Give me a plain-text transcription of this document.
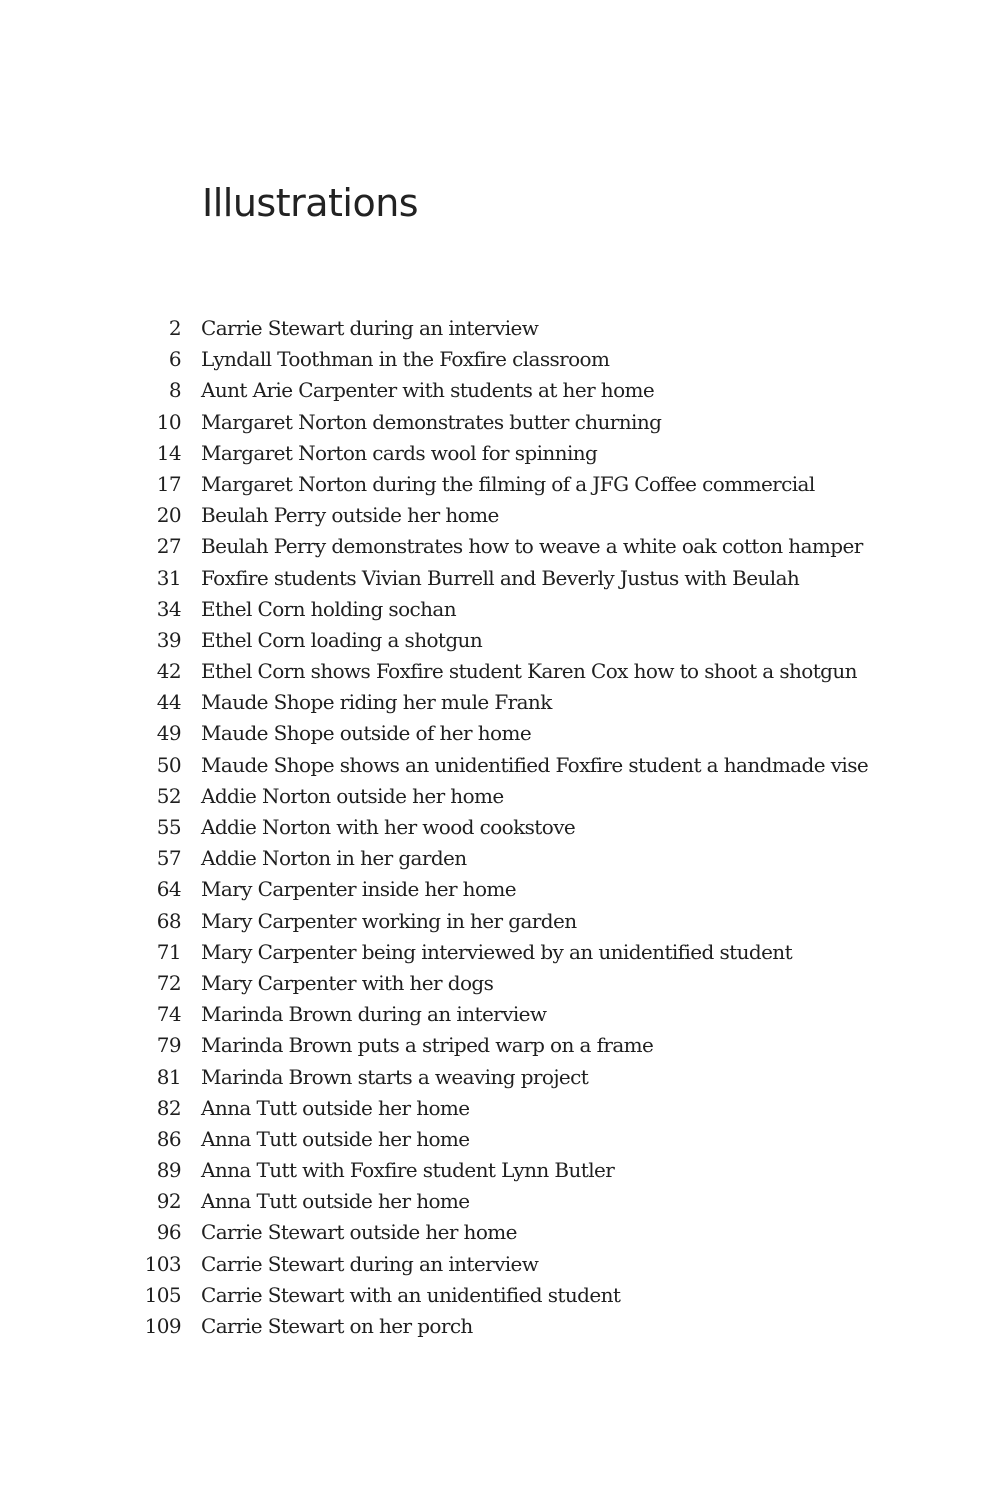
Illustrations
2	Carrie Stewart during an interview
6	Lyndall Toothman in the Foxfire classroom
8	Aunt Arie Carpenter with students at her home
10	Margaret Norton demonstrates butter churning
14	Margaret Norton cards wool for spinning
17	Margaret Norton during the filming of a JFG Coffee commercial
20	Beulah Perry outside her home
27	Beulah Perry demonstrates how to weave a white oak cotton hamper
31	Foxfire students Vivian Burrell and Beverly Justus with Beulah
34	Ethel Corn holding sochan
39	Ethel Corn loading a shotgun
42	Ethel Corn shows Foxfire student Karen Cox how to shoot a shotgun
44	Maude Shope riding her mule Frank
49	Maude Shope outside of her home
50	Maude Shope shows an unidentified Foxfire student a handmade vise
52	Addie Norton outside her home
55	Addie Norton with her wood cookstove
57	Addie Norton in her garden
64	Mary Carpenter inside her home
68	Mary Carpenter working in her garden
71	Mary Carpenter being interviewed by an unidentified student
72	Mary Carpenter with her dogs
74	Marinda Brown during an interview
79	Marinda Brown puts a striped warp on a frame
81	Marinda Brown starts a weaving project
82	Anna Tutt outside her home
86	Anna Tutt outside her home
89	Anna Tutt with Foxfire student Lynn Butler
92	Anna Tutt outside her home
96	Carrie Stewart outside her home
103	Carrie Stewart during an interview
105	Carrie Stewart with an unidentified student
109	Carrie Stewart on her porch
